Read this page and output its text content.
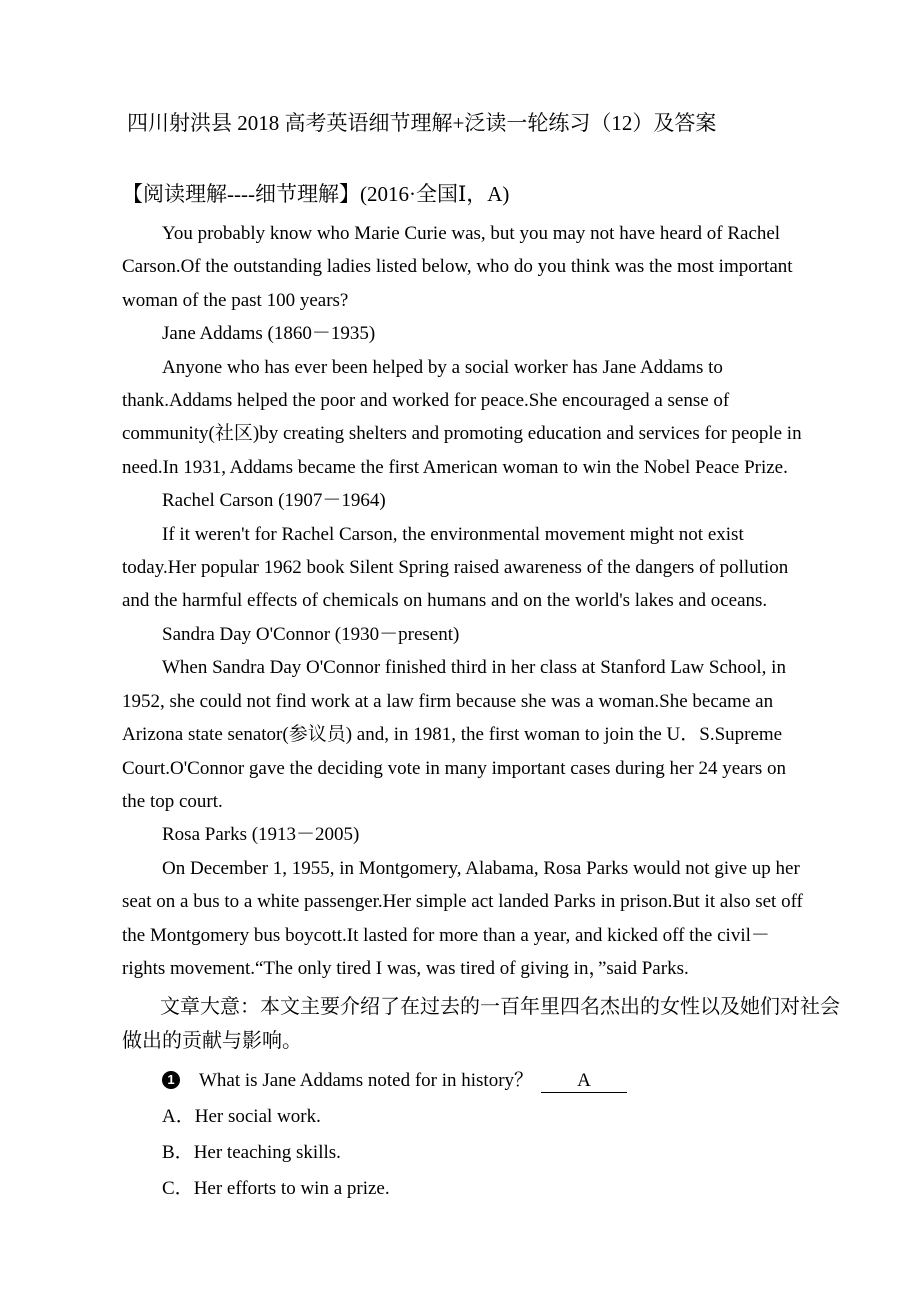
四川射洪县 2018 高考英语细节理解+泛读一轮练习（12）及答案
【阅读理解----细节理解】(2016·全国Ⅰ，A)
You probably know who Marie Curie was, but you may not have heard of Rachel
Carson.Of the outstanding ladies listed below, who do you think was the most important
woman of the past 100 years?
Jane Addams (1860－1935)
Anyone who has ever been helped by a social worker has Jane Addams to
thank.Addams helped the poor and worked for peace.She encouraged a sense of
community(社区)by creating shelters and promoting education and services for people in
need.In 1931, Addams became the first American woman to win the Nobel Peace Prize.
Rachel Carson (1907－1964)
If it weren't for Rachel Carson, the environmental movement might not exist
today.Her popular 1962 book Silent Spring raised awareness of the dangers of pollution
and the harmful effects of chemicals on humans and on the world's lakes and oceans.
Sandra Day O'Connor (1930－present)
When Sandra Day O'Connor finished third in her class at Stanford Law School, in
1952, she could not find work at a law firm because she was a woman.She became an
Arizona state senator(参议员) and, in 1981, the first woman to join the U．S.Supreme
Court.O'Connor gave the deciding vote in many important cases during her 24 years on
the top court.
Rosa Parks (1913－2005)
On December 1, 1955, in Montgomery, Alabama, Rosa Parks would not give up her
seat on a bus to a white passenger.Her simple act landed Parks in prison.But it also set off
the Montgomery bus boycott.It lasted for more than a year, and kicked off the civil－
rights movement.“The only tired I was, was tired of giving in，”said Parks.
文章大意：本文主要介绍了在过去的一百年里四名杰出的女性以及她们对社会
做出的贡献与影响。
1 What is Jane Addams noted for in history？ A
A．Her social work.
B．Her teaching skills.
C．Her efforts to win a prize.
